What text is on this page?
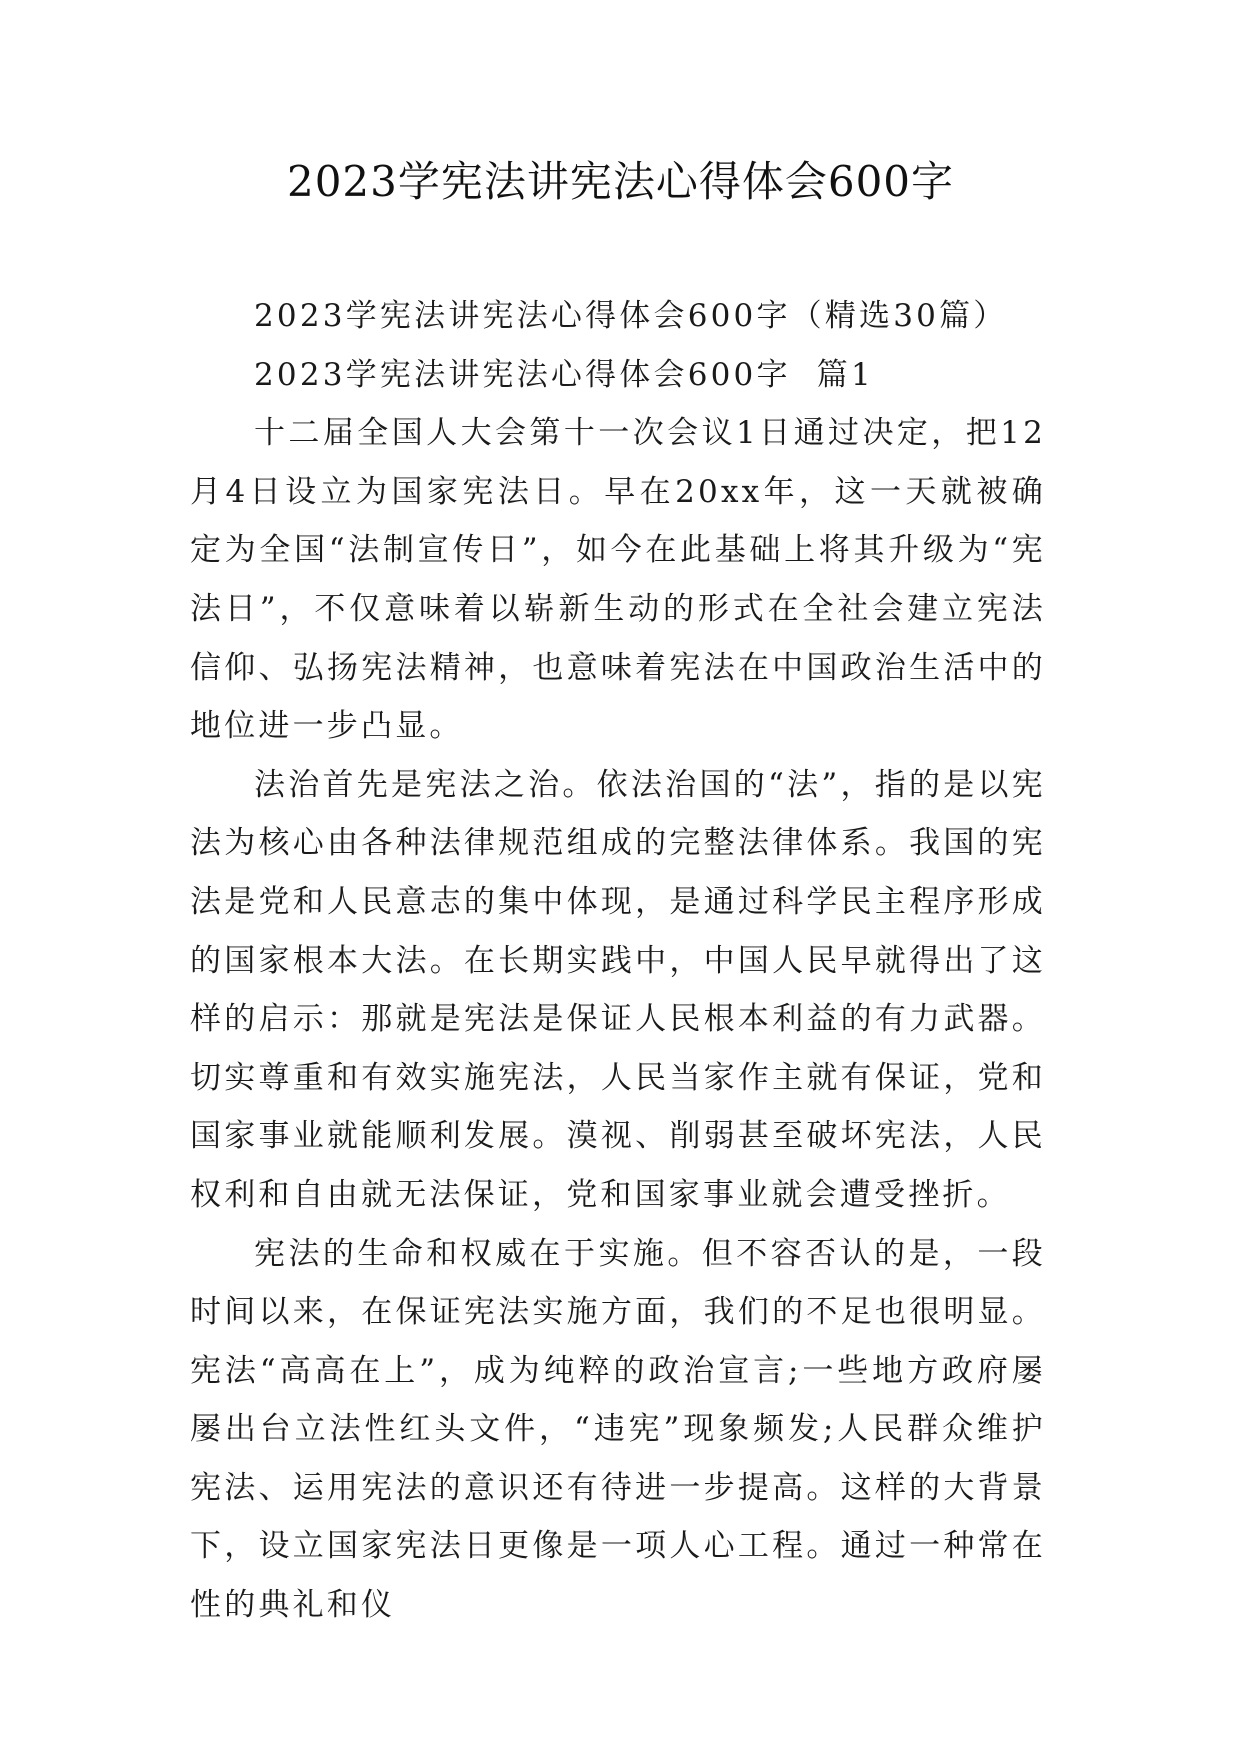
2023学宪法讲宪法心得体会600字

2023学宪法讲宪法心得体会600字（精选30篇）

2023学宪法讲宪法心得体会600字  篇1

十二届全国人大会第十一次会议1日通过决定，把12月4日设立为国家宪法日。早在20xx年，这一天就被确定为全国“法制宣传日”，如今在此基础上将其升级为“宪法日”，不仅意味着以崭新生动的形式在全社会建立宪法信仰、弘扬宪法精神，也意味着宪法在中国政治生活中的地位进一步凸显。

法治首先是宪法之治。依法治国的“法”，指的是以宪法为核心由各种法律规范组成的完整法律体系。我国的宪法是党和人民意志的集中体现，是通过科学民主程序形成的国家根本大法。在长期实践中，中国人民早就得出了这样的启示：那就是宪法是保证人民根本利益的有力武器。切实尊重和有效实施宪法，人民当家作主就有保证，党和国家事业就能顺利发展。漠视、削弱甚至破坏宪法，人民权利和自由就无法保证，党和国家事业就会遭受挫折。

宪法的生命和权威在于实施。但不容否认的是，一段时间以来，在保证宪法实施方面，我们的不足也很明显。宪法“高高在上”，成为纯粹的政治宣言;一些地方政府屡屡出台立法性红头文件，“违宪”现象频发;人民群众维护宪法、运用宪法的意识还有待进一步提高。这样的大背景下，设立国家宪法日更像是一项人心工程。通过一种常在性的典礼和仪
